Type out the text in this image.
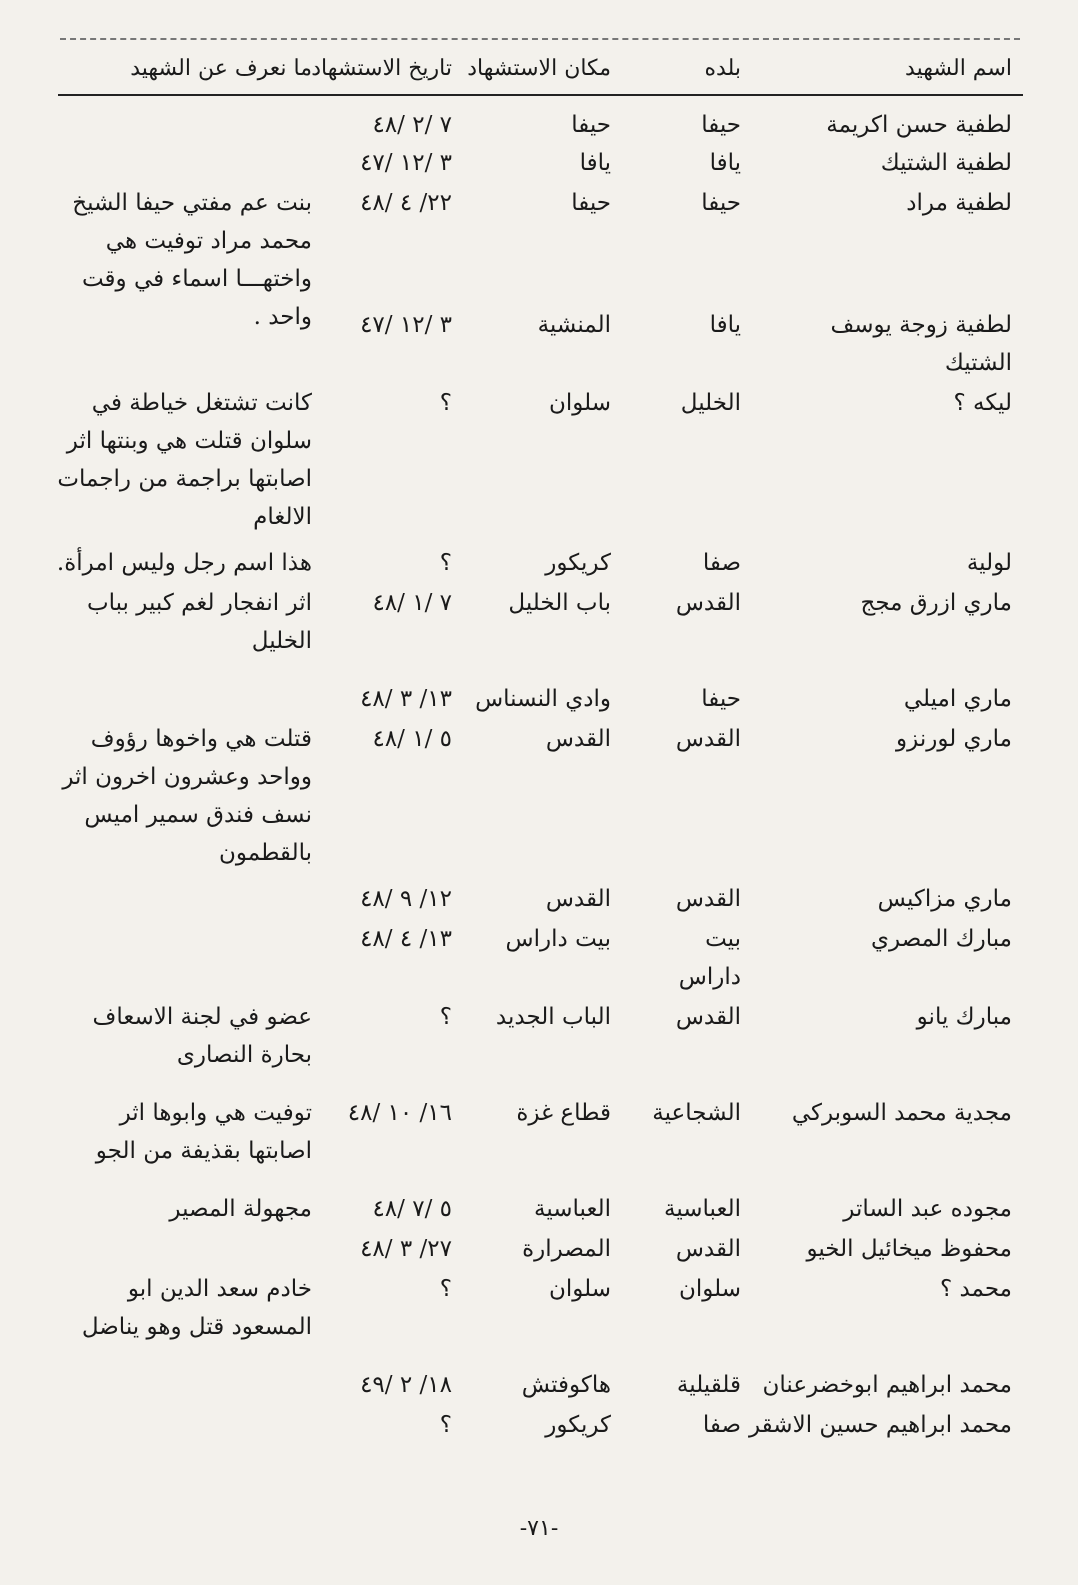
اسم الشهيد
بلده
مكان الاستشهاد
تاريخ الاستشهاد
ما نعرف عن الشهيد
لطفية حسن اكريمة
حيفا
حيفا
٧ /٢ /٤٨
لطفية الشتيك
يافا
يافا
٣ /١٢ /٤٧
لطفية مراد
حيفا
حيفا
٢٢/ ٤ /٤٨
بنت عم مفتي حيفا الشيخ محمد مراد توفيت هي واختهـــا اسماء في وقت واحد .	لطفية زوجة يوسف الشتيك
يافا
المنشية
٣ /١٢ /٤٧
ليكه ؟
الخليل
سلوان
؟
كانت تشتغل خياطة في سلوان قتلت هي وبنتها اثر اصابتها براجمة من راجمات الالغام
لولية
صفا
كريكور
؟
هذا اسم رجل وليس امرأة.
ماري ازرق مجج
القدس
باب الخليل
٧ /١ /٤٨
اثر انفجار لغم كبير بباب الخليل
ماري اميلي
حيفا
وادي النسناس
١٣/ ٣ /٤٨
ماري لورنزو
القدس
القدس
٥ /١ /٤٨
قتلت هي واخوها رؤوف وواحد وعشرون اخرون اثر نسف فندق سمير اميس بالقطمون
ماري مزاكيس
القدس
القدس
١٢/ ٩ /٤٨
مبارك المصري
بيت داراس
بيت داراس
١٣/ ٤ /٤٨
مبارك يانو
القدس
الباب الجديد
؟
عضو في لجنة الاسعاف بحارة النصارى
مجدية محمد السوبركي
الشجاعية
قطاع غزة
١٦/ ١٠ /٤٨
توفيت هي وابوها اثر اصابتها بقذيفة من الجو
مجوده عبد الساتر
العباسية
العباسية
٥ /٧ /٤٨
مجهولة المصير
محفوظ ميخائيل الخيو
القدس
المصرارة
٢٧/ ٣ /٤٨
محمد ؟
سلوان
سلوان
؟
خادم سعد الدين ابو المسعود قتل وهو يناضل
محمد ابراهيم ابوخضرعنان
قلقيلية
هاكوفتش
١٨/ ٢ /٤٩
محمد ابراهيم حسين الاشقر
صفا
كريكور
؟
-٧١-
